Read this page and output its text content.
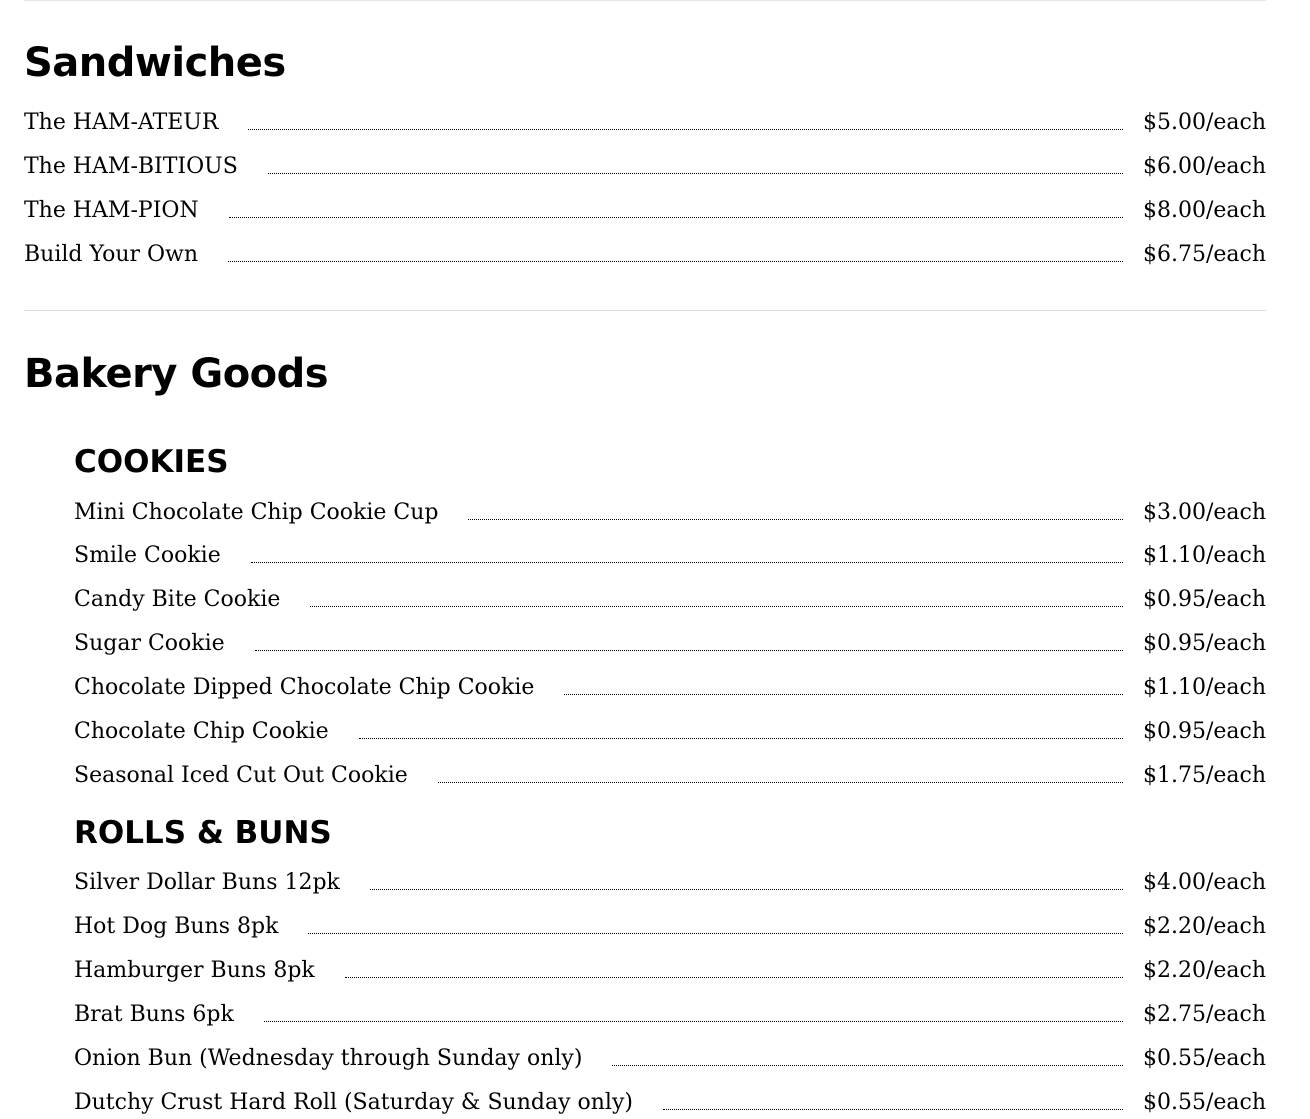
Sandwiches
The HAM-ATEUR	$5.00/each
The HAM-BITIOUS	$6.00/each
The HAM-PION	$8.00/each
Build Your Own	$6.75/each
Bakery Goods
COOKIES
Mini Chocolate Chip Cookie Cup	$3.00/each
Smile Cookie	$1.10/each
Candy Bite Cookie	$0.95/each
Sugar Cookie	$0.95/each
Chocolate Dipped Chocolate Chip Cookie	$1.10/each
Chocolate Chip Cookie	$0.95/each
Seasonal Iced Cut Out Cookie	$1.75/each
ROLLS & BUNS
Silver Dollar Buns 12pk	$4.00/each
Hot Dog Buns 8pk	$2.20/each
Hamburger Buns 8pk	$2.20/each
Brat Buns 6pk	$2.75/each
Onion Bun (Wednesday through Sunday only)	$0.55/each
Dutchy Crust Hard Roll (Saturday & Sunday only)	$0.55/each
